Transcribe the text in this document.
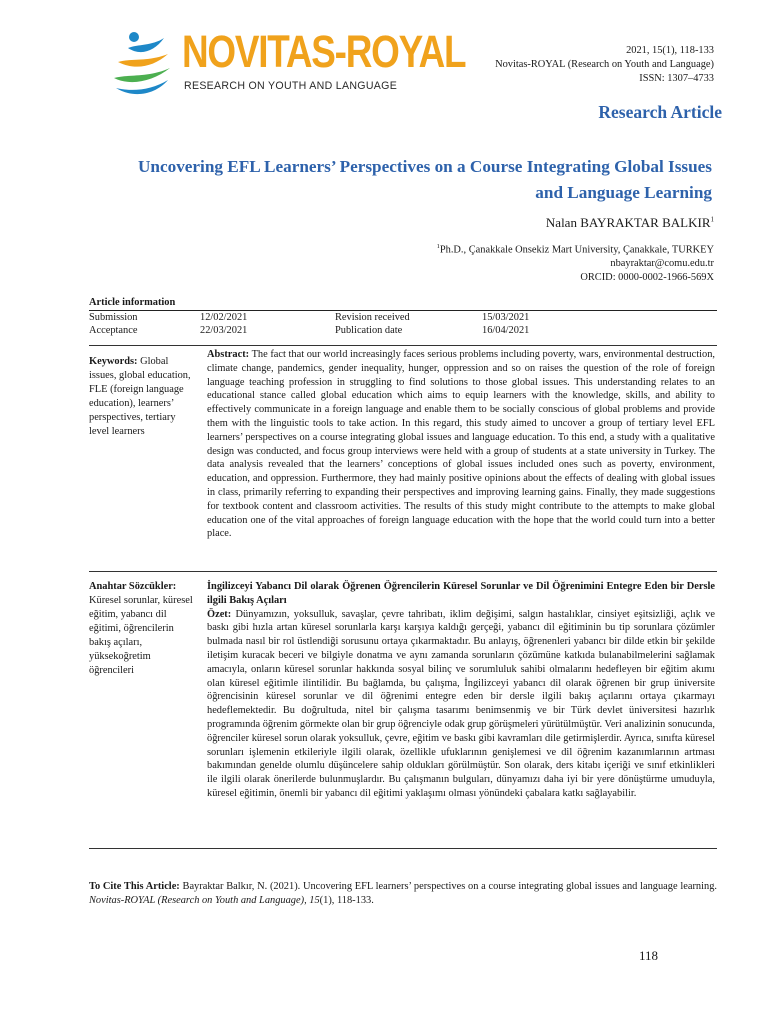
NOVITAS-ROYAL
RESEARCH ON YOUTH AND LANGUAGE
2021, 15(1), 118-133
Novitas-ROYAL (Research on Youth and Language)
ISSN: 1307–4733
Research Article
Uncovering EFL Learners’ Perspectives on a Course Integrating Global Issues and Language Learning
Nalan BAYRAKTAR BALKIR$^1$
$^1$Ph.D., Çanakkale Onsekiz Mart University, Çanakkale, TURKEY
nbayraktar@comu.edu.tr
ORCID: 0000-0002-1966-569X
Article information
Submission	12/02/2021	Revision received	15/03/2021
Acceptance	22/03/2021	Publication date	16/04/2021
Keywords: Global issues, global education, FLE (foreign language education), learners’ perspectives, tertiary level learners
Abstract: The fact that our world increasingly faces serious problems including poverty, wars, environmental destruction, climate change, pandemics, gender inequality, hunger, oppression and so on raises the question of the role of foreign language teaching profession in struggling to find solutions to those global issues. This understanding relates to an educational stance called global education which aims to equip learners with the knowledge, skills, and ability to effectively communicate in a foreign language and enable them to be socially conscious of global problems and provide them with the linguistic tools to take action. In this regard, this study aimed to uncover a group of tertiary level EFL learners’ perspectives on a course integrating global issues and language education. To this end, a study with a qualitative design was conducted, and focus group interviews were held with a group of students at a state university in Turkey. The data analysis revealed that the learners’ conceptions of global issues included ones such as poverty, environment, education, and oppression. Furthermore, they had mainly positive opinions about the effects of dealing with global issues in class, primarily referring to expanding their perspectives and improving learning gains. Finally, they made suggestions for textbook content and classroom activities. The results of this study might contribute to the attempts to make global education one of the vital approaches of foreign language education with the hope that the world could turn into a better place.
Anahtar Sözcükler:
Küresel sorunlar, küresel eğitim, yabancı dil eğitimi, öğrencilerin bakış açıları, yüksekoğretim öğrencileri
İngilizceyi Yabancı Dil olarak Öğrenen Öğrencilerin Küresel Sorunlar ve Dil Öğrenimini Entegre Eden bir Dersle ilgili Bakış Açıları
Özet: Dünyamızın, yoksulluk, savaşlar, çevre tahribatı, iklim değişimi, salgın hastalıklar, cinsiyet eşitsizliği, açlık ve baskı gibi hızla artan küresel sorunlarla karşı karşıya kaldığı gerçeği, yabancı dil eğitiminin bu tip sorunlara çözümler bulmada nasıl bir rol üstlendiği sorusunu ortaya çıkarmaktadır. Bu anlayış, öğrenenleri yabancı bir dilde etkin bir şekilde iletişim kuracak beceri ve bilgiyle donatma ve aynı zamanda sorunların çözümüne katkıda bulanabilmelerini sağlamak amacıyla, onların küresel sorunlar hakkında sosyal bilinç ve sorumluluk sahibi olmalarını hedefleyen bir eğitim akımı olan küresel eğitimle ilintilidir. Bu bağlamda, bu çalışma, İngilizceyi yabancı dil olarak öğrenen bir grup üniversite öğrencisinin küresel sorunlar ve dil öğrenimi entegre eden bir dersle ilgili bakış açılarını ortaya çıkarmayı hedeflemektedir. Bu doğrultuda, nitel bir çalışma tasarımı benimsenmiş ve bir Türk devlet üniversitesi hazırlık programında öğrenim görmekte olan bir grup öğrenciyle odak grup görüşmeleri yürütülmüştür. Veri analizinin sonucunda, öğrenciler küresel sorun olarak yoksulluk, çevre, eğitim ve baskı gibi kavramları dile getirmişlerdir. Ayrıca, sınıfta küresel sorunları işlemenin etkileriyle ilgili olarak, özellikle ufuklarının genişlemesi ve dil öğrenim kazanımlarının artması bakımından genelde olumlu düşüncelere sahip oldukları görülmüştür. Son olarak, ders kitabı içeriği ve sınıf etkinlikleri ile ilgili olarak önerilerde bulunmuşlardır. Bu çalışmanın bulguları, dünyamızı daha iyi bir yere dönüştürme umuduyla, küresel eğitimin, önemli bir yabancı dil eğitimi yaklaşımı olması yönündeki çabalara katkı sağlayabilir.
To Cite This Article: Bayraktar Balkır, N. (2021). Uncovering EFL learners’ perspectives on a course integrating global issues and language learning. Novitas-ROYAL (Research on Youth and Language), 15(1), 118-133.
118
